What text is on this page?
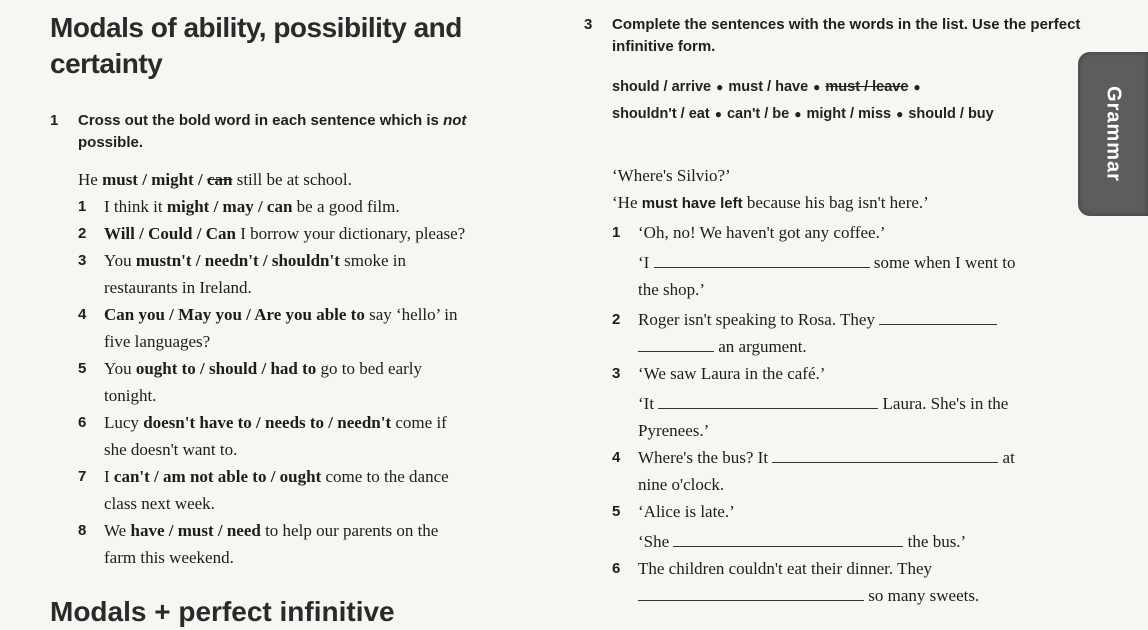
Modals of ability, possibility and certainty
1 Cross out the bold word in each sentence which is not possible.
He must / might / can still be at school.
1 I think it might / may / can be a good film.
2 Will / Could / Can I borrow your dictionary, please?
3 You mustn't / needn't / shouldn't smoke in
restaurants in Ireland.
4 Can you / May you / Are you able to say ‘hello’ in
five languages?
5 You ought to / should / had to go to bed early
tonight.
6 Lucy doesn't have to / needs to / needn't come if
she doesn't want to.
7 I can't / am not able to / ought come to the dance
class next week.
8 We have / must / need to help our parents on the
farm this weekend.
Modals + perfect infinitive
3 Complete the sentences with the words in the list. Use the perfect infinitive form.
should / arrive ● must / have ● must / leave ●
shouldn't / eat ● can't / be ● might / miss ● should / buy
‘Where's Silvio?’
‘He must have left because his bag isn't here.’
1 ‘Oh, no! We haven't got any coffee.’
‘I	some when I went to
the shop.’
2 Roger isn't speaking to Rosa. They
an argument.
3 ‘We saw Laura in the café.’
‘It	Laura. She's in the
Pyrenees.’
4 Where's the bus? It	at
nine o'clock.
5 ‘Alice is late.’
‘She	the bus.’
6 The children couldn't eat their dinner. They
so many sweets.
Grammar
